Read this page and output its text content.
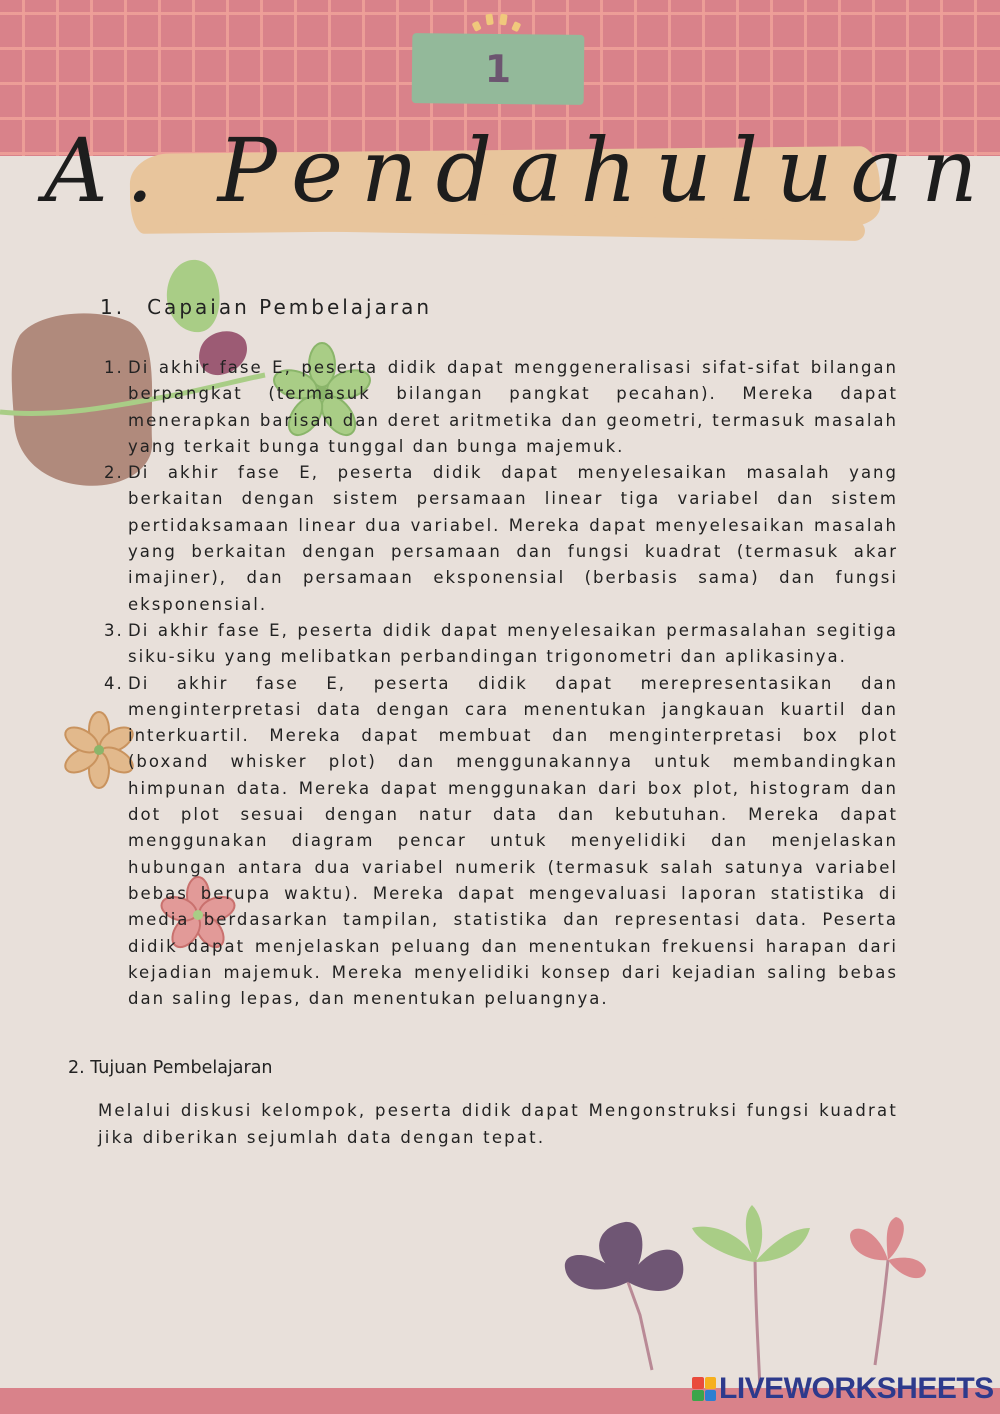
1
A. Pendahuluan
1. Capaian Pembelajaran
1. Di akhir fase E, peserta didik dapat menggeneralisasi sifat-sifat bilangan berpangkat (termasuk bilangan pangkat pecahan). Mereka dapat menerapkan barisan dan deret aritmetika dan geometri, termasuk masalah yang terkait bunga tunggal dan bunga majemuk.
2. Di akhir fase E, peserta didik dapat menyelesaikan masalah yang berkaitan dengan sistem persamaan linear tiga variabel dan sistem pertidaksamaan linear dua variabel. Mereka dapat menyelesaikan masalah yang berkaitan dengan persamaan dan fungsi kuadrat (termasuk akar imajiner), dan persamaan eksponensial (berbasis sama) dan fungsi eksponensial.
3. Di akhir fase E, peserta didik dapat menyelesaikan permasalahan segitiga siku-siku yang melibatkan perbandingan trigonometri dan aplikasinya.
4. Di akhir fase E, peserta didik dapat merepresentasikan dan menginterpretasi data dengan cara menentukan jangkauan kuartil dan interkuartil. Mereka dapat membuat dan menginterpretasi box plot (boxand whisker plot) dan menggunakannya untuk membandingkan himpunan data. Mereka dapat menggunakan dari box plot, histogram dan dot plot sesuai dengan natur data dan kebutuhan. Mereka dapat menggunakan diagram pencar untuk menyelidiki dan menjelaskan hubungan antara dua variabel numerik (termasuk salah satunya variabel bebas berupa waktu). Mereka dapat mengevaluasi laporan statistika di media berdasarkan tampilan, statistika dan representasi data. Peserta didik dapat menjelaskan peluang dan menentukan frekuensi harapan dari kejadian majemuk. Mereka menyelidiki konsep dari kejadian saling bebas dan saling lepas, dan menentukan peluangnya.
2. Tujuan Pembelajaran
Melalui diskusi kelompok, peserta didik dapat Mengonstruksi fungsi kuadrat jika diberikan sejumlah data dengan tepat.
LIVEWORKSHEETS
